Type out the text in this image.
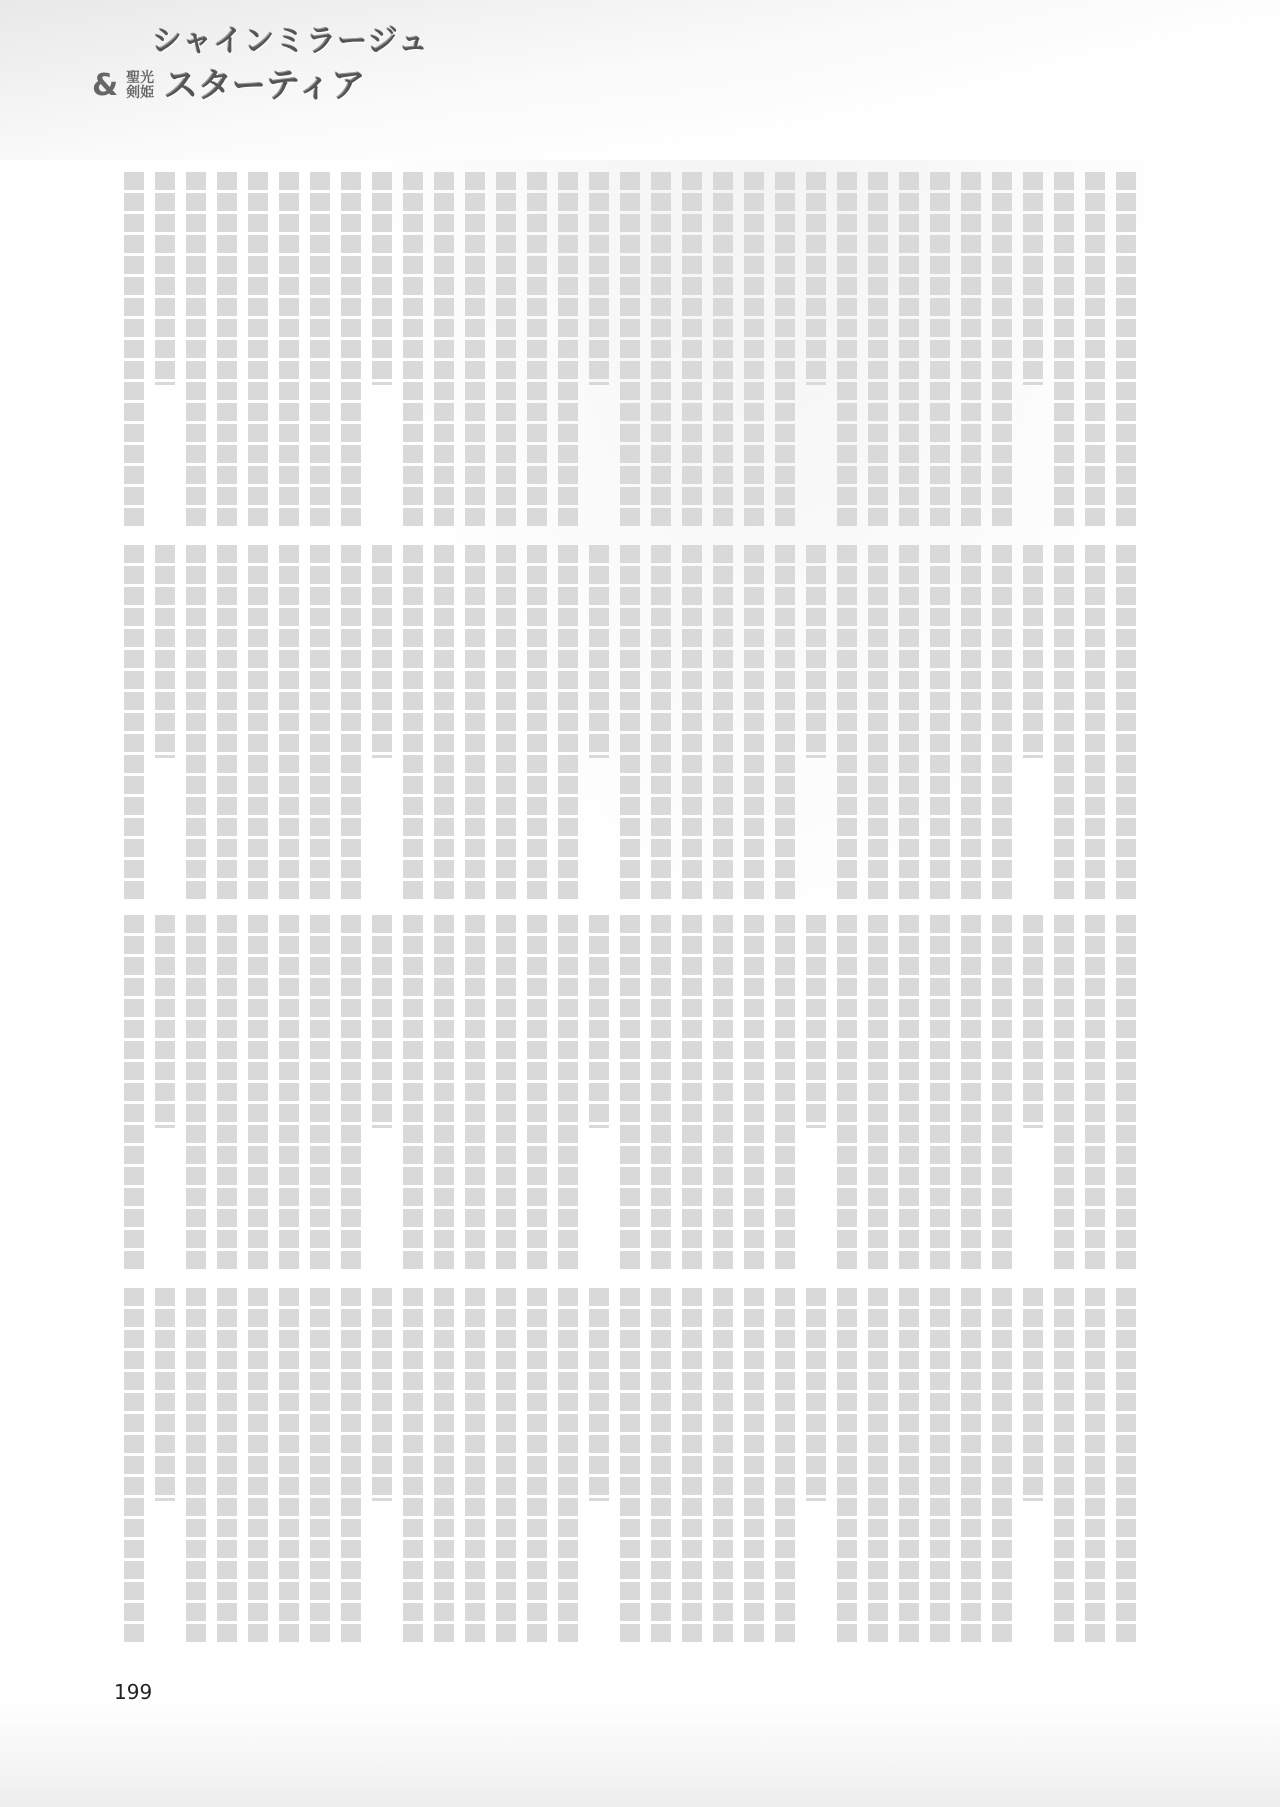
シャインミラージュ
& 聖光剣姫 スターティア
199
